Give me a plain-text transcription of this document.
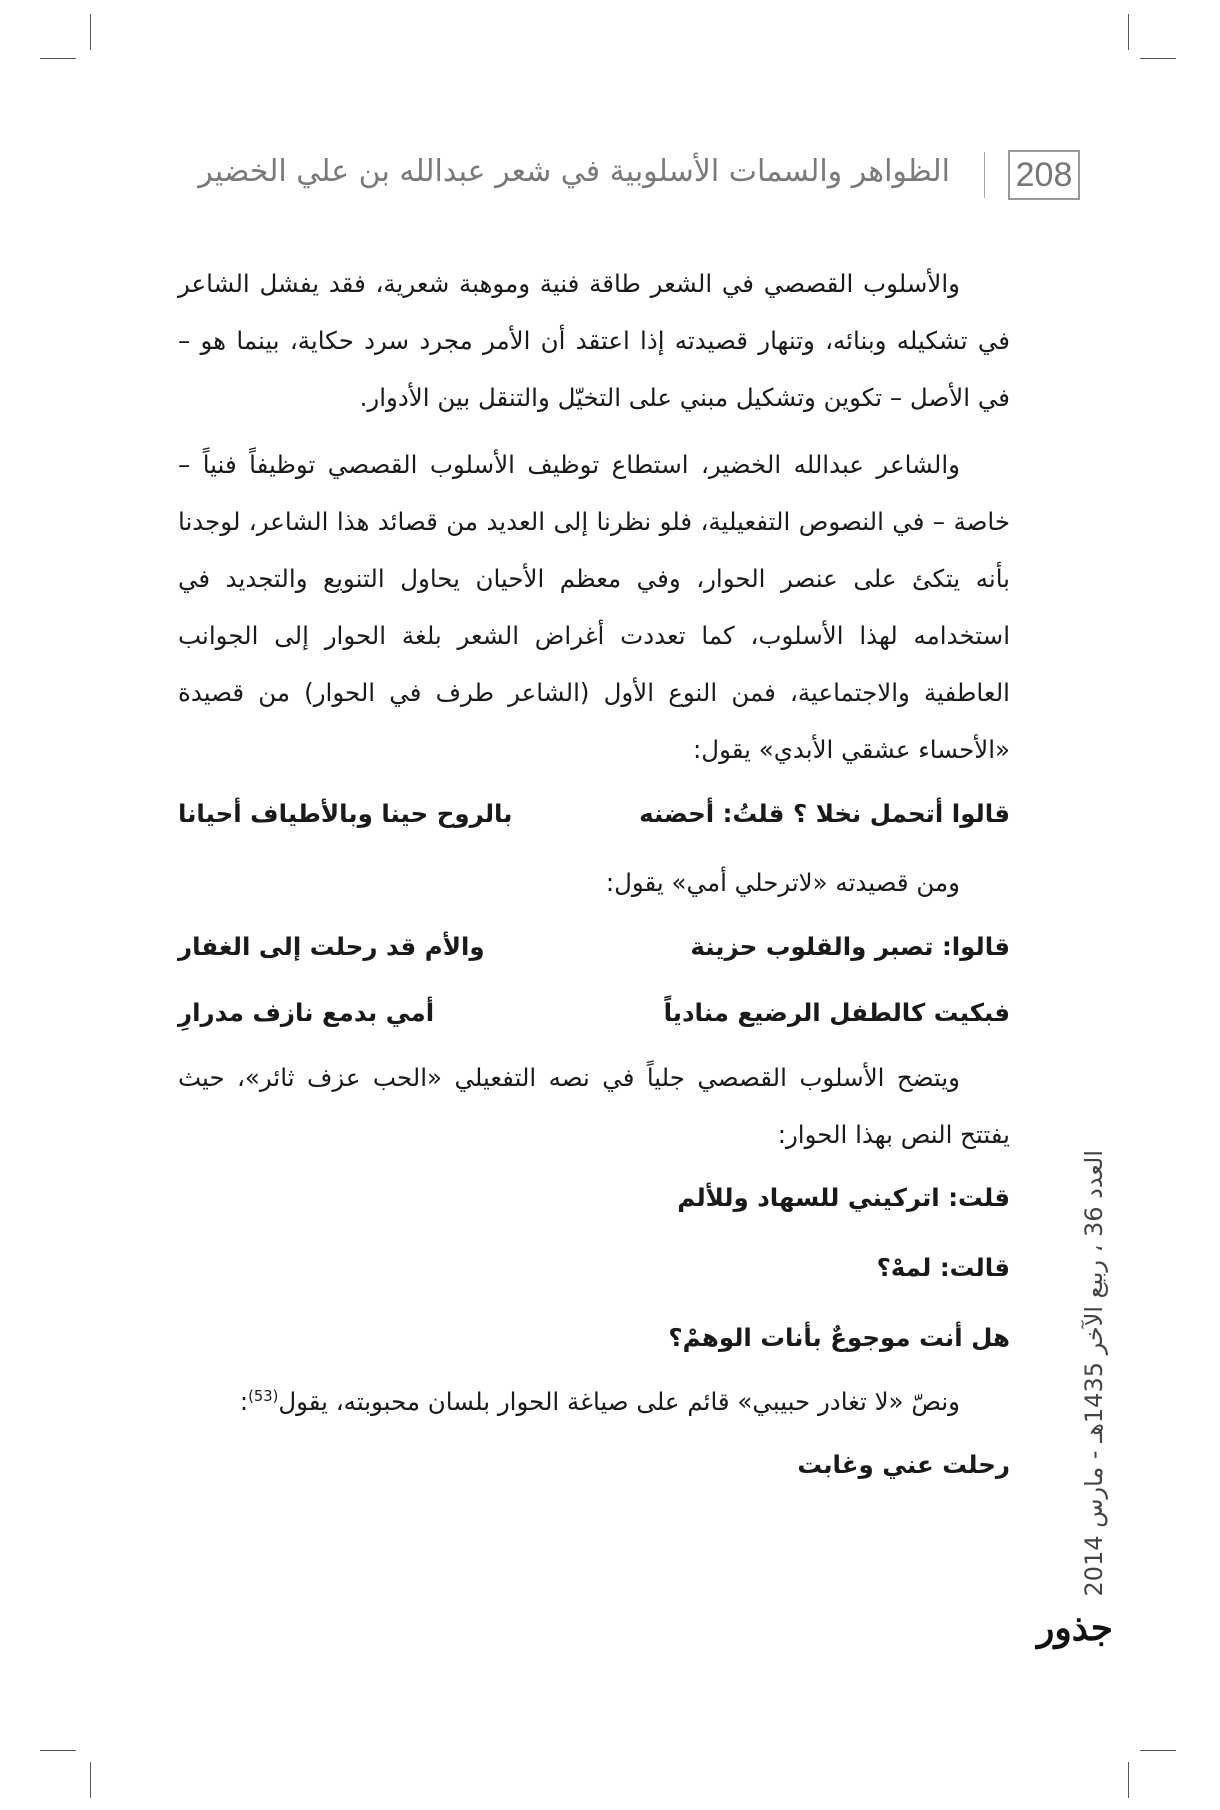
الظواهر والسمات الأسلوبية في شعر عبدالله بن علي الخضير 208

والأسلوب القصصي في الشعر طاقة فنية وموهبة شعرية، فقد يفشل الشاعر في تشكيله وبنائه، وتنهار قصيدته إذا اعتقد أن الأمر مجرد سرد حكاية، بينما هو – في الأصل – تكوين وتشكيل مبني على التخيّل والتنقل بين الأدوار.

والشاعر عبدالله الخضير، استطاع توظيف الأسلوب القصصي توظيفاً فنياً – خاصة – في النصوص التفعيلية، فلو نظرنا إلى العديد من قصائد هذا الشاعر، لوجدنا بأنه يتكئ على عنصر الحوار، وفي معظم الأحيان يحاول التنويع والتجديد في استخدامه لهذا الأسلوب، كما تعددت أغراض الشعر بلغة الحوار إلى الجوانب العاطفية والاجتماعية، فمن النوع الأول (الشاعر طرف في الحوار) من قصيدة «الأحساء عشقي الأبدي» يقول:

قالوا أتحمل نخلا ؟ قلتُ: أحضنه
بالروح حينا وبالأطياف أحيانا

ومن قصيدته «لاترحلي أمي» يقول:

قالوا: تصبر والقلوب حزينة
والأم قد رحلت إلى الغفار
فبكيت كالطفل الرضيع منادياً
أمي بدمع نازف مدرارِ

ويتضح الأسلوب القصصي جلياً في نصه التفعيلي «الحب عزف ثائر»، حيث يفتتح النص بهذا الحوار:

قلت: اتركيني للسهاد وللألم

قالت: لمهْ؟

هل أنت موجوعٌ بأنات الوهمْ؟

ونصّ «لا تغادر حبيبي» قائم على صياغة الحوار بلسان محبوبته، يقول$^{(53)}$:

رحلت عني وغابت

العدد 36 ، ربيع الآخر 1435هـ - مارس 2014
جذور
